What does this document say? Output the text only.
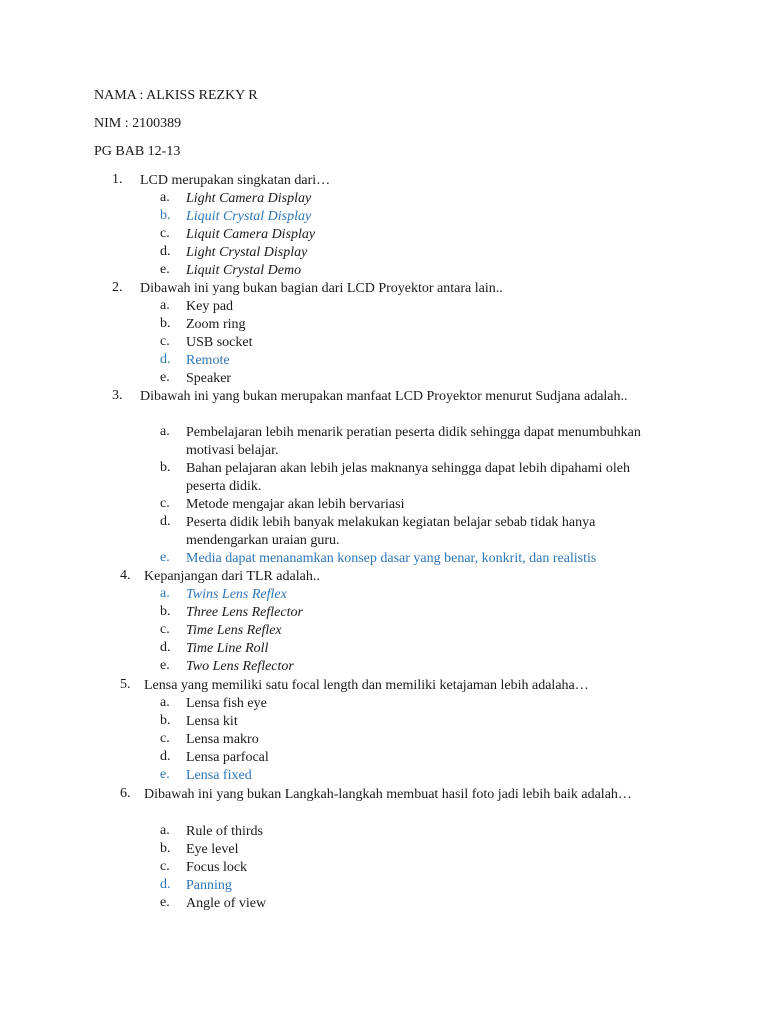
NAMA : ALKISS REZKY R
NIM : 2100389
PG BAB 12-13
1. LCD merupakan singkatan dari…
a.	Light Camera Display
b.	Liquit Crystal Display
c.	Liquit Camera Display
d.	Light Crystal Display
e.	Liquit Crystal Demo
2. Dibawah ini yang bukan bagian dari LCD Proyektor antara lain..
a.	Key pad
b.	Zoom ring
c.	USB socket
d.	Remote
e.	Speaker
3. Dibawah ini yang bukan merupakan manfaat LCD Proyektor menurut Sudjana adalah..
a.	Pembelajaran lebih menarik peratian peserta didik sehingga dapat menumbuhkan motivasi belajar.
b.	Bahan pelajaran akan lebih jelas maknanya sehingga dapat lebih dipahami oleh peserta didik.
c.	Metode mengajar akan lebih bervariasi
d.	Peserta didik lebih banyak melakukan kegiatan belajar sebab tidak hanya mendengarkan uraian guru.
e.	Media dapat menanamkan konsep dasar yang benar, konkrit, dan realistis
4. Kepanjangan dari TLR adalah..
a.	Twins Lens Reflex
b.	Three Lens Reflector
c.	Time Lens Reflex
d.	Time Line Roll
e.	Two Lens Reflector
5. Lensa yang memiliki satu focal length dan memiliki ketajaman lebih adalaha…
a.	Lensa fish eye
b.	Lensa kit
c.	Lensa makro
d.	Lensa parfocal
e.	Lensa fixed
6. Dibawah ini yang bukan Langkah-langkah membuat hasil foto jadi lebih baik adalah…
a.	Rule of thirds
b.	Eye level
c.	Focus lock
d.	Panning
e.	Angle of view
